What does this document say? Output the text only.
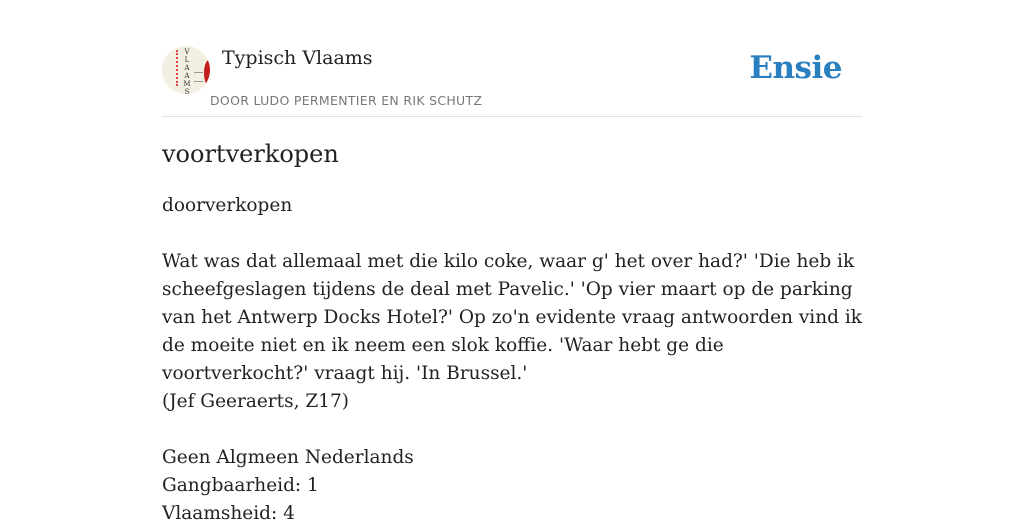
V
L
A
A
M
S
Typisch Vlaams
DOOR LUDO PERMENTIER EN RIK SCHUTZ
Ensie
voortverkopen

doorverkopen

Wat was dat allemaal met die kilo coke, waar g' het over had?' 'Die heb ik scheefgeslagen tijdens de deal met Pavelic.' 'Op vier maart op de parking van het Antwerp Docks Hotel?' Op zo'n evidente vraag antwoorden vind ik de moeite niet en ik neem een slok koffie. 'Waar hebt ge die voortverkocht?' vraagt hij. 'In Brussel.'

(Jef Geeraerts, Z17)

Geen Algmeen Nederlands

Gangbaarheid: 1

Vlaamsheid: 4
